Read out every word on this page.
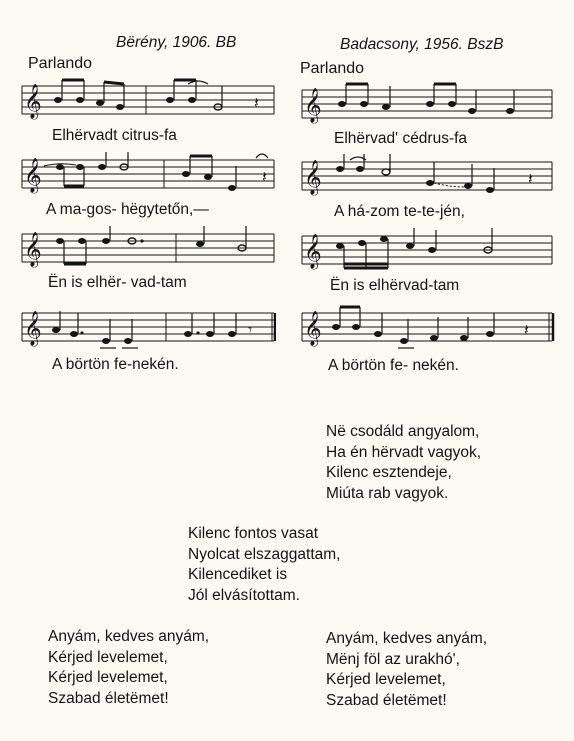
Bërény, 1906. BB
Parlando
Badacsony, 1956. BszB
Parlando
𝄞	𝄽
Elhërvadt citrus-fa
𝄞	𝄽
A ma-gos- hëgytetőn,—
𝄞
Ën is elhër- vad-tam
𝄞	𝄾
A börtön fe-nekén.
𝄞
Elhërvad' cédrus-fa
𝄞	𝄽
A há-zom te-te-jén,
𝄞
Ën is elhërvad-tam
𝄞	𝄽
A börtön fe- nekén.
Në csodáld angyalom,
Ha én hërvadt vagyok,
Kilenc esztendeje,
Miúta rab vagyok.
Kilenc fontos vasat
Nyolcat elszaggattam,
Kilencediket is
Jól elvásítottam.
Anyám, kedves anyám,
Kérjed levelemet,
Kérjed levelemet,
Szabad életëmet!
Anyám, kedves anyám,
Mënj föl az urakhó',
Kérjed levelemet,
Szabad életëmet!
